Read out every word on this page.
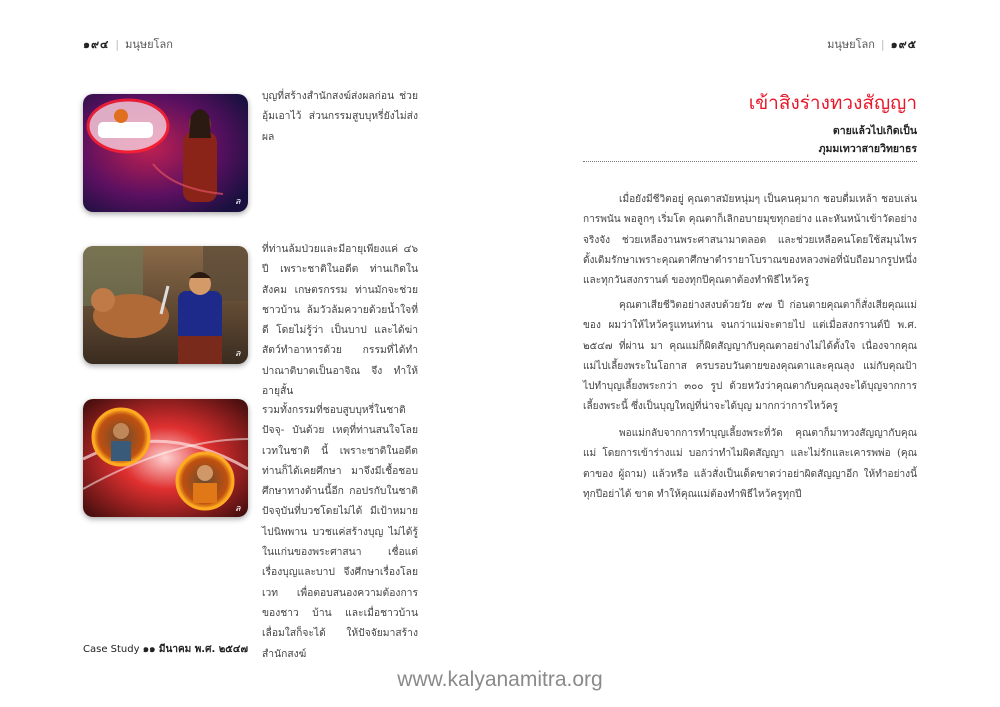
๑๙๔ | มนุษยโลก	มนุษยโลก | ๑๙๕
ล
ล
ล

บุญที่สร้างสำนักสงฆ์ส่งผลก่อน ช่วย อุ้มเอาไว้ ส่วนกรรมสูบบุหรี่ยังไม่ส่งผล

ที่ท่านล้มป่วยและมีอายุเพียงแค่ ๔๖ ปี เพราะชาติในอดีต ท่านเกิดในสังคม เกษตรกรรม ท่านมักจะช่วยชาวบ้าน ล้มวัวล้มควายด้วยน้ำใจที่ดี โดยไม่รู้ว่า เป็นบาป และได้ฆ่าสัตว์ทำอาหารด้วย กรรมที่ได้ทำปาณาติบาตเป็นอาจิณ จึง ทำให้อายุสั้น

รวมทั้งกรรมที่ชอบสูบบุหรี่ในชาติปัจจุ- บันด้วย เหตุที่ท่านสนใจโลยเวทในชาติ นี้ เพราะชาติในอดีตท่านก็ได้เคยศึกษา มาจึงมีเชื้อชอบศึกษาทางด้านนี้อีก กอปรกับในชาติปัจจุบันที่บวชโดยไม่ได้ มีเป้าหมายไปนิพพาน บวชแค่สร้างบุญ ไม่ได้รู้ในแก่นของพระศาสนา เชื่อแต่ เรื่องบุญและบาป จึงศึกษาเรื่องโลยเวท เพื่อตอบสนองความต้องการของชาว บ้าน และเมื่อชาวบ้านเลื่อมใสก็จะได้ ให้ปัจจัยมาสร้างสำนักสงฆ์

เข้าสิงร่างทวงสัญญา
ตายแล้วไปเกิดเป็น
ภุมมเทวาสายวิทยาธร

เมื่อยังมีชีวิตอยู่ คุณตาสมัยหนุ่มๆ เป็นคนคุมาก ชอบดื่มเหล้า ชอบเล่นการพนัน พอลูกๆ เริ่มโต คุณตาก็เลิกอบายมุขทุกอย่าง และหันหน้าเข้าวัดอย่างจริงจัง ช่วยเหลืองานพระศาสนามาตลอด และช่วยเหลือคนโดยใช้สมุนไพรดั้งเดิมรักษาเพราะคุณตาศึกษาตำรายาโบราณของหลวงพ่อที่นับถือมากรูปหนึ่ง และทุกวันสงกรานต์ ของทุกปีคุณตาต้องทำพิธีไหว้ครู

คุณตาเสียชีวิตอย่างสงบด้วยวัย ๙๗ ปี ก่อนตายคุณตาก็สั่งเสียคุณแม่ของ ผมว่าให้ไหว้ครูแทนท่าน จนกว่าแม่จะตายไป แต่เมื่อสงกรานต์ปี พ.ศ. ๒๕๔๗ ที่ผ่าน มา คุณแม่ก็ผิดสัญญากับคุณตาอย่างไม่ได้ตั้งใจ เนื่องจากคุณแม่ไปเลี้ยงพระในโอกาส ครบรอบวันตายของคุณตาและคุณลุง แม่กับคุณป้าไปทำบุญเลี้ยงพระกว่า ๓๐๐ รูป ด้วยหวังว่าคุณตากับคุณลุงจะได้บุญจากการเลี้ยงพระนี้ ซึ่งเป็นบุญใหญ่ที่น่าจะได้บุญ มากกว่าการไหว้ครู

พอแม่กลับจากการทำบุญเลี้ยงพระที่วัด คุณตาก็มาทวงสัญญากับคุณแม่ โดยการเข้าร่างแม่ บอกว่าทำไมผิดสัญญา และไม่รักและเคารพพ่อ (คุณตาของ ผู้ถาม) แล้วหรือ แล้วสั่งเป็นเด็ดขาดว่าอย่าผิดสัญญาอีก ให้ทำอย่างนี้ทุกปีอย่าได้ ขาด ทำให้คุณแม่ต้องทำพิธีไหว้ครูทุกปี

Case Study ๑๑ มีนาคม พ.ศ. ๒๕๔๗
www.kalyanamitra.org
